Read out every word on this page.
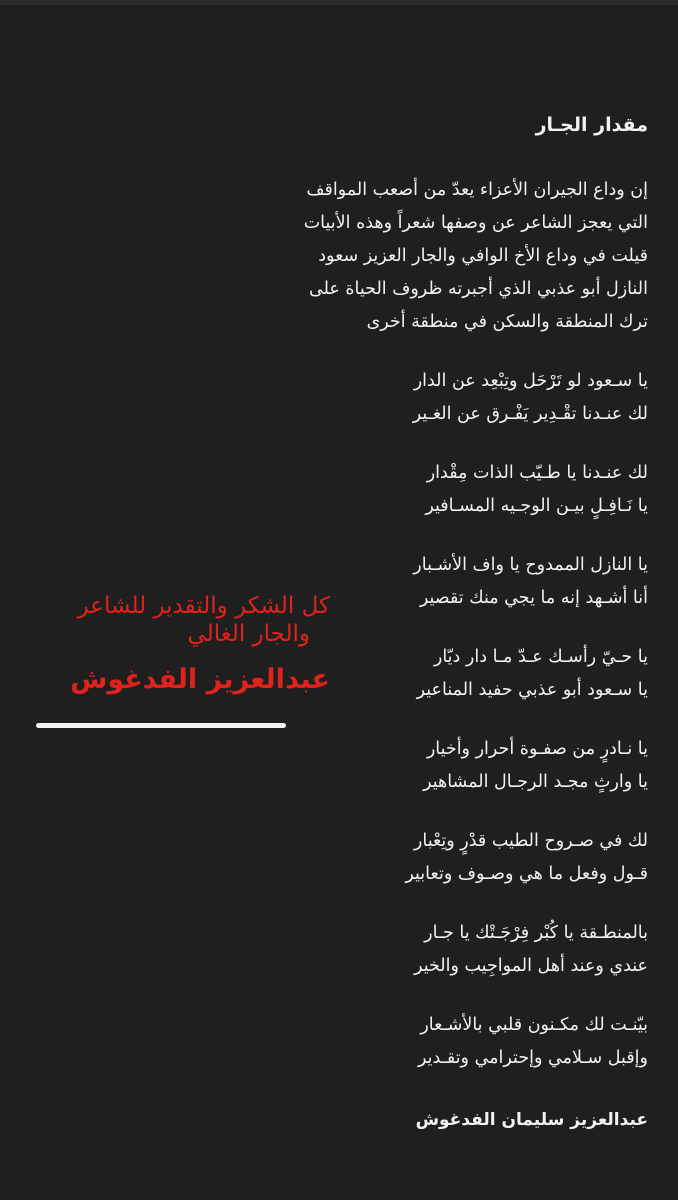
مقدار الجـار
إن وداع الجيران الأعزاء يعدّ من أصعب المواقف
التي يعجز الشاعر عن وصفها شعراً وهذه الأبيات
قيلت في وداع الأخ الوافي والجار العزيز سعود
النازل أبو عذبي الذي أجبرته ظروف الحياة على
ترك المنطقة والسكن في منطقة أخرى
يا سـعود لو تَرْحَل وتِبْعِد عن الدار
لك عنـدنا تقْـدِير يَفْـرق عن الغـير
لك عنـدنا يا طـيّب الذات مِقْدار
يا نَـافِـلٍ بيـن الوجـيه المسـافير
يا النازل الممدوح يا واف الأشـبار
أنا أشـهد إنه ما يجي منك تقصير
يا حـيّ رأسـك عـدّ مـا دار ديّار
يا سـعود أبو عذبي حفيد المناعير
يا نـادرٍ من صفـوة أحرار وأخيار
يا وارثٍ مجـد الرجـال المشاهير
لك في صـروح الطيب قدْرٍ وتِعْبار
قـول وفعل ما هي وصـوف وتعابير
بالمنطـقة يا كُبْر فِرْجَـتْك يا جـار
عندي وعند أهل المواجِيب والخير
بيّنـت لك مكـنون قلبي بالأشـعار
وإقبل سـلامي وإحترامي وتقـدير
عبدالعزيز سليمان الفدغوش
كل الشكر والتقدير للشاعر
والجار الغالي
عبدالعزيز الفدغوش
